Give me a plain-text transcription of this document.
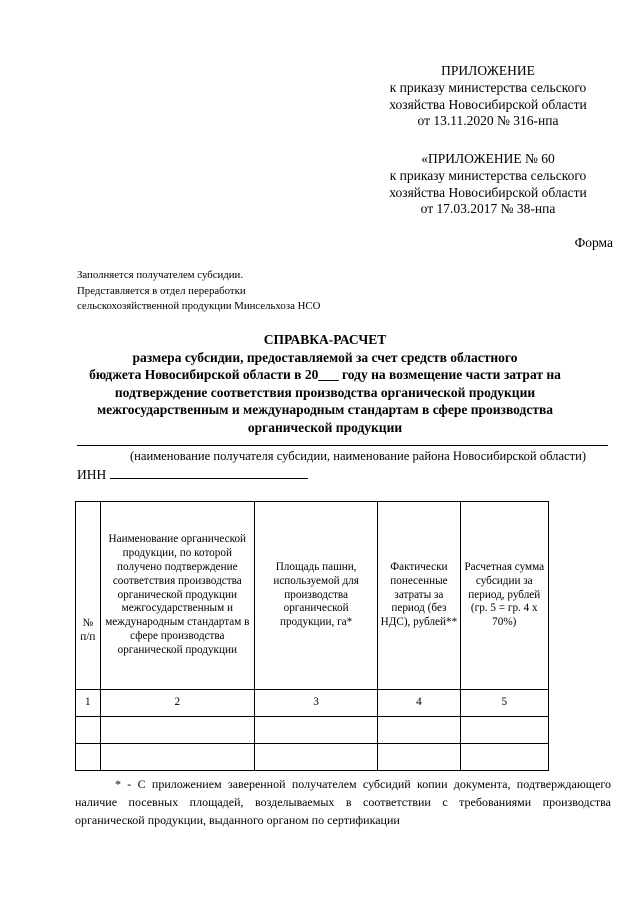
ПРИЛОЖЕНИЕ
к приказу министерства сельского
хозяйства Новосибирской области
от 13.11.2020 № 316-нпа
«ПРИЛОЖЕНИЕ № 60
к приказу министерства сельского
хозяйства Новосибирской области
от 17.03.2017 № 38-нпа
Форма
Заполняется получателем субсидии.
Представляется в отдел переработки
сельскохозяйственной продукции Минсельхоза НСО
СПРАВКА-РАСЧЕТ
размера субсидии, предоставляемой за счет средств областного
бюджета Новосибирской области в 20___ году на возмещение части затрат на
подтверждение соответствия производства органической продукции
межгосударственным и международным стандартам в сфере производства
органической продукции
(наименование получателя субсидии, наименование района Новосибирской области)
ИНН
№ п/п	Наименование органической продукции, по которой получено подтверждение соответствия производства органической продукции межгосударственным и международным стандартам в сфере производства органической продукции	Площадь пашни, используемой для производства органической продукции, га*	Фактически понесенные затраты за период (без НДС), рублей**	Расчетная сумма субсидии за период, рублей (гр. 5 = гр. 4 х 70%)
1	2	3	4	5

* - С приложением заверенной получателем субсидий копии документа, подтверждающего наличие посевных площадей, возделываемых в соответствии с требованиями производства органической продукции, выданного органом по сертификации
